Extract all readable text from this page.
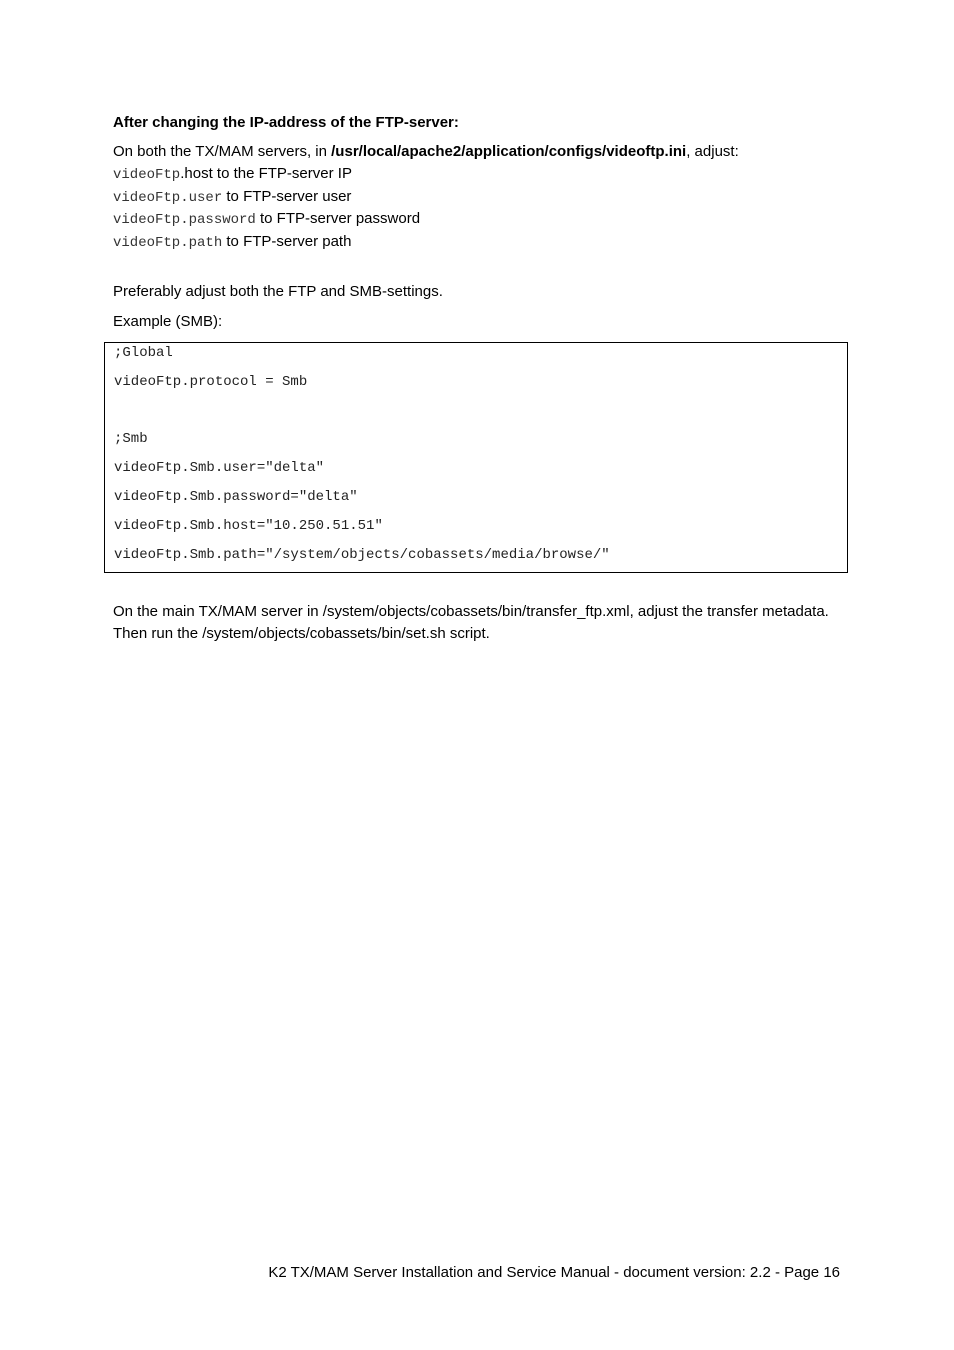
After changing the IP-address of the FTP-server:

On both the TX/MAM servers, in /usr/local/apache2/application/configs/videoftp.ini, adjust:

videoFtp.host to the FTP-server IP
videoFtp.user to FTP-server user
videoFtp.password to FTP-server password
videoFtp.path to FTP-server path

Preferably adjust both the FTP and SMB-settings.

Example (SMB):

;Global
videoFtp.protocol = Smb
;Smb
videoFtp.Smb.user="delta"
videoFtp.Smb.password="delta"
videoFtp.Smb.host="10.250.51.51"
videoFtp.Smb.path="/system/objects/cobassets/media/browse/"

On the main TX/MAM server in /system/objects/cobassets/bin/transfer_ftp.xml, adjust the transfer metadata. Then run the /system/objects/cobassets/bin/set.sh script.

K2 TX/MAM Server Installation and Service Manual - document version: 2.2 - Page 16
